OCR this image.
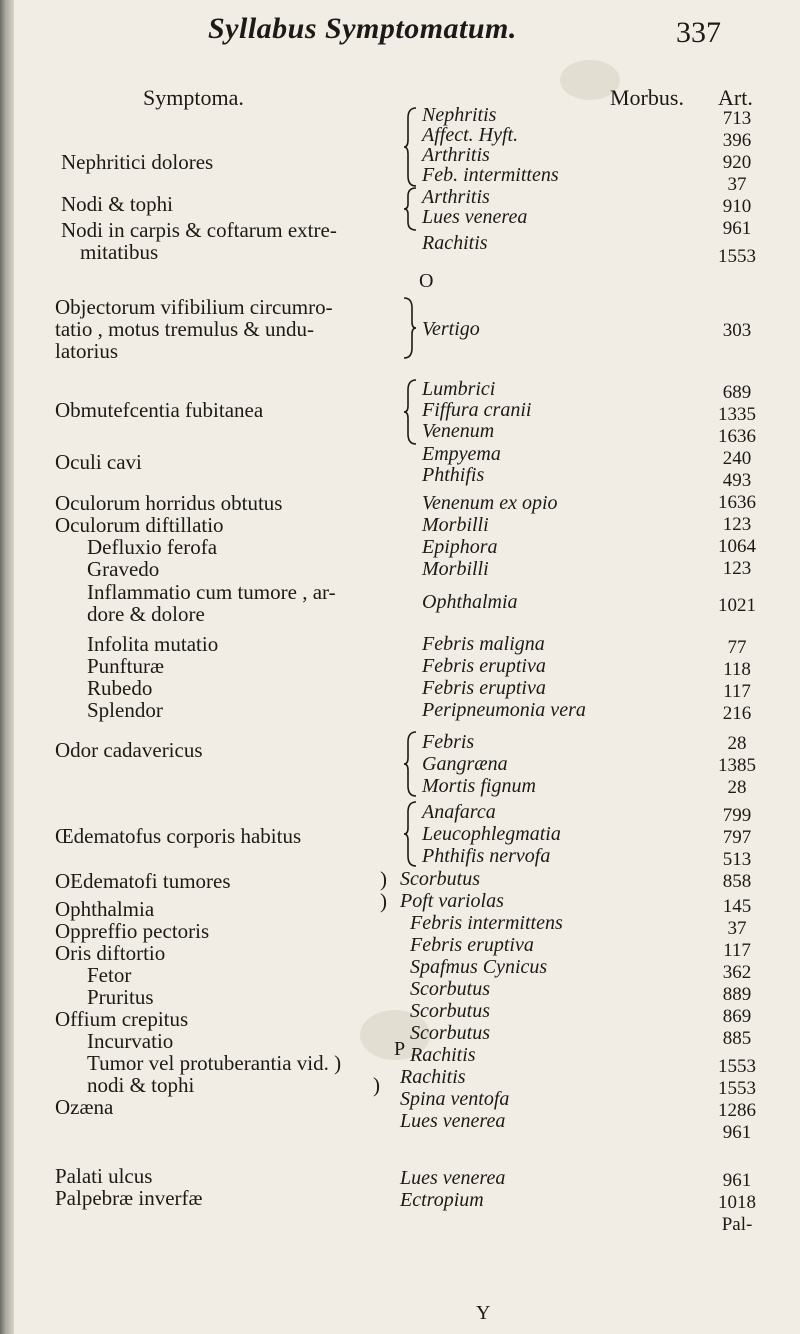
Syllabus Symptomatum.	337
Symptoma.	Morbus. Art.
O
P
Y
Nephritici dolores
Nodi & tophi
Nodi in carpis & coftarum extre-
mitatibus
Objectorum vifibilium circumro-
tatio , motus tremulus & undu-
latorius
Obmutefcentia fubitanea
Oculi cavi
Oculorum horridus obtutus
Oculorum diftillatio
Defluxio ferofa
Gravedo
Inflammatio cum tumore , ar-
dore & dolore
Infolita mutatio
Punfturæ
Rubedo
Splendor
Odor cadavericus
Œdematofus corporis habitus
OEdematofi tumores
Ophthalmia
Oppreffio pectoris
Oris diftortio
Fetor
Pruritus
Offium crepitus
Incurvatio
Tumor vel protuberantia vid. )
nodi & tophi
Ozæna
Palati ulcus
Palpebræ inverfæ
)
)
)
Nephritis
Affect. Hyft.
Arthritis
Feb. intermittens
Arthritis
Lues venerea
Rachitis
Vertigo
Lumbrici
Fiffura cranii
Venenum
Empyema
Phthifis
Venenum ex opio
Morbilli
Epiphora
Morbilli
Ophthalmia
Febris maligna
Febris eruptiva
Febris eruptiva
Peripneumonia vera
Febris
Gangræna
Mortis fignum
Anafarca
Leucophlegmatia
Phthifis nervofa
Scorbutus
Poft variolas
Febris intermittens
Febris eruptiva
Spafmus Cynicus
Scorbutus
Scorbutus
Scorbutus
Rachitis
Rachitis
Spina ventofa
Lues venerea
Lues venerea
Ectropium
713
396
920
37
910
961
1553
303
689
1335
1636
240
493
1636
123
1064
123
1021
77
118
117
216
28
1385
28
799
797
513
858
145
37
117
362
889
869
885
1553
1553
1286
961
961
1018
Pal-
